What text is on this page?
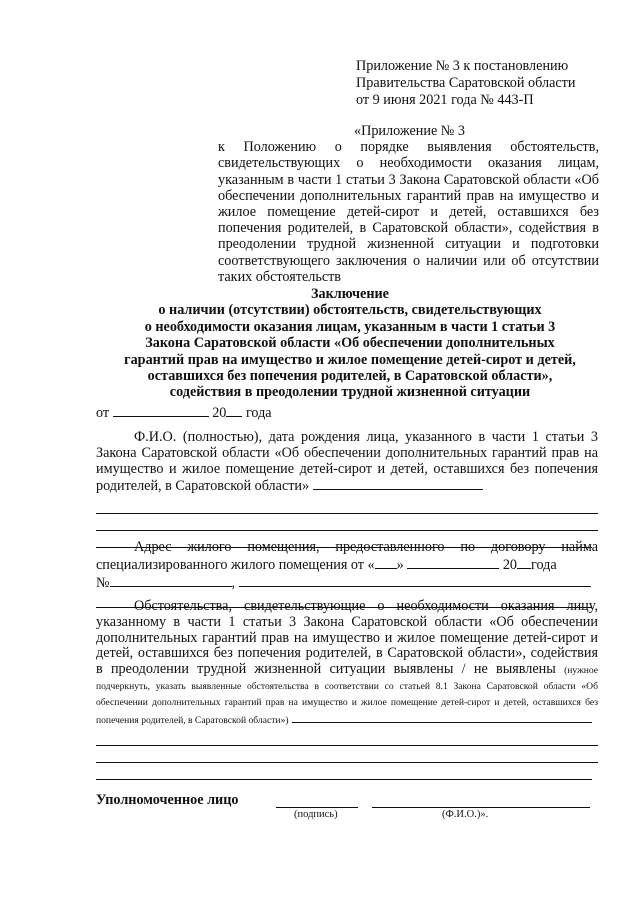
Приложение № 3 к постановлению
Правительства Саратовской области
от 9 июня 2021 года № 443-П
«Приложение № 3
к Положению о порядке выявления обстоятельств, свидетельствующих о необходимости оказания лицам, указанным в части 1 статьи 3 Закона Саратовской области «Об обеспечении дополнительных гарантий прав на имущество и жилое помещение детей-сирот и детей, оставшихся без попечения родителей, в Саратовской области», содействия в преодолении трудной жизненной ситуации и подготовки соответствующего заключения о наличии или об отсутствии таких обстоятельств
Заключение
о наличии (отсутствии) обстоятельств, свидетельствующих
о необходимости оказания лицам, указанным в части 1 статьи 3
Закона Саратовской области «Об обеспечении дополнительных
гарантий прав на имущество и жилое помещение детей-сирот и детей,
оставшихся без попечения родителей, в Саратовской области»,
содействия в преодолении трудной жизненной ситуации
от	20 года
Ф.И.О. (полностью), дата рождения лица, указанного в части 1 статьи 3 Закона Саратовской области «Об обеспечении дополнительных гарантий прав на имущество и жилое помещение детей-сирот и детей, оставшихся без попечения родителей, в Саратовской области»
Адрес жилого помещения, предоставленного по договору найма специализированного жилого помещения от « »	20 года
№	,
Обстоятельства, свидетельствующие о необходимости оказания лицу, указанному в части 1 статьи 3 Закона Саратовской области «Об обеспечении дополнительных гарантий прав на имущество и жилое помещение детей-сирот и детей, оставшихся без попечения родителей, в Саратовской области», содействия в преодолении трудной жизненной ситуации выявлены / не выявлены (нужное подчеркнуть, указать выявленные обстоятельства в соответствии со статьей 8.1 Закона Саратовской области «Об обеспечении дополнительных гарантий прав на имущество и жилое помещение детей-сирот и детей, оставшихся без попечения родителей, в Саратовской области»)
Уполномоченное лицо
(подпись)	(Ф.И.О.)».
